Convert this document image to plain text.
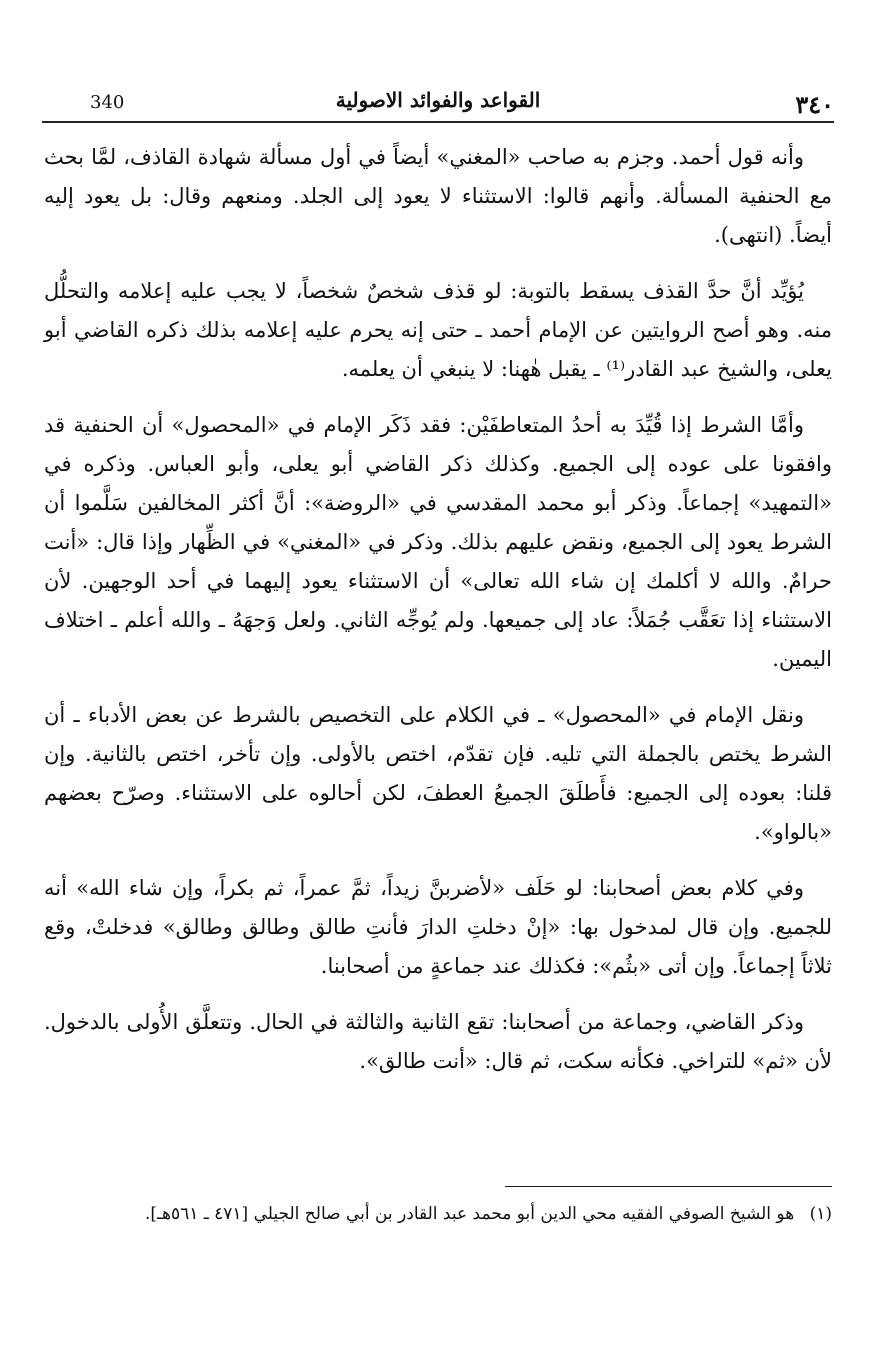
٣٤٠
القواعد والفوائد الاصولية
340

وأنه قول أحمد. وجزم به صاحب «المغني» أيضاً في أول مسألة شهادة القاذف، لمَّا بحث مع الحنفية المسألة. وأنهم قالوا: الاستثناء لا يعود إلى الجلد. ومنعهم وقال: بل يعود إليه أيضاً. (انتهى).

يُؤيِّد أنَّ حدَّ القذف يسقط بالتوبة: لو قذف شخصٌ شخصاً، لا يجب عليه إعلامه والتحلُّل منه. وهو أصح الروايتين عن الإمام أحمد ـ حتى إنه يحرم عليه إعلامه بذلك ذكره القاضي أبو يعلى، والشيخ عبد القادر⁽¹⁾ ـ يقبل هٰهنا: لا ينبغي أن يعلمه.

وأمَّا الشرط إذا قُيِّدَ به أحدُ المتعاطفَيْن: فقد ذَكَر الإمام في «المحصول» أن الحنفية قد وافقونا على عوده إلى الجميع. وكذلك ذكر القاضي أبو يعلى، وأبو العباس. وذكره في «التمهيد» إجماعاً. وذكر أبو محمد المقدسي في «الروضة»: أنَّ أكثر المخالفين سَلَّموا أن الشرط يعود إلى الجميع، ونقض عليهم بذلك. وذكر في «المغني» في الظِّهار وإذا قال: «أنت حرامٌ. والله لا أكلمك إن شاء الله تعالى» أن الاستثناء يعود إليهما في أحد الوجهين. لأن الاستثناء إذا تعَقَّب جُمَلاً: عاد إلى جميعها. ولم يُوجِّه الثاني. ولعل وَجهَهُ ـ والله أعلم ـ اختلاف اليمين.

ونقل الإمام في «المحصول» ـ في الكلام على التخصيص بالشرط عن بعض الأدباء ـ أن الشرط يختص بالجملة التي تليه. فإن تقدّم، اختص بالأولى. وإن تأخر، اختص بالثانية. وإن قلنا: بعوده إلى الجميع: فأَطلَقَ الجميعُ العطفَ، لكن أحالوه على الاستثناء. وصرّح بعضهم «بالواو».

وفي كلام بعض أصحابنا: لو حَلَف «لأضربنَّ زيداً، ثمَّ عمراً، ثم بكراً، وإن شاء الله» أنه للجميع. وإن قال لمدخول بها: «إنْ دخلتِ الدارَ فأنتِ طالق وطالق وطالق» فدخلتْ، وقع ثلاثاً إجماعاً. وإن أتى «بثُم»: فكذلك عند جماعةٍ من أصحابنا.

وذكر القاضي، وجماعة من أصحابنا: تقع الثانية والثالثة في الحال. وتتعلَّق الأُولى بالدخول. لأن «ثم» للتراخي. فكأنه سكت، ثم قال: «أنت طالق».

(١) هو الشيخ الصوفي الفقيه محي الدين أبو محمد عبد القادر بن أبي صالح الجيلي [٤٧١ ـ ٥٦١هـ].
